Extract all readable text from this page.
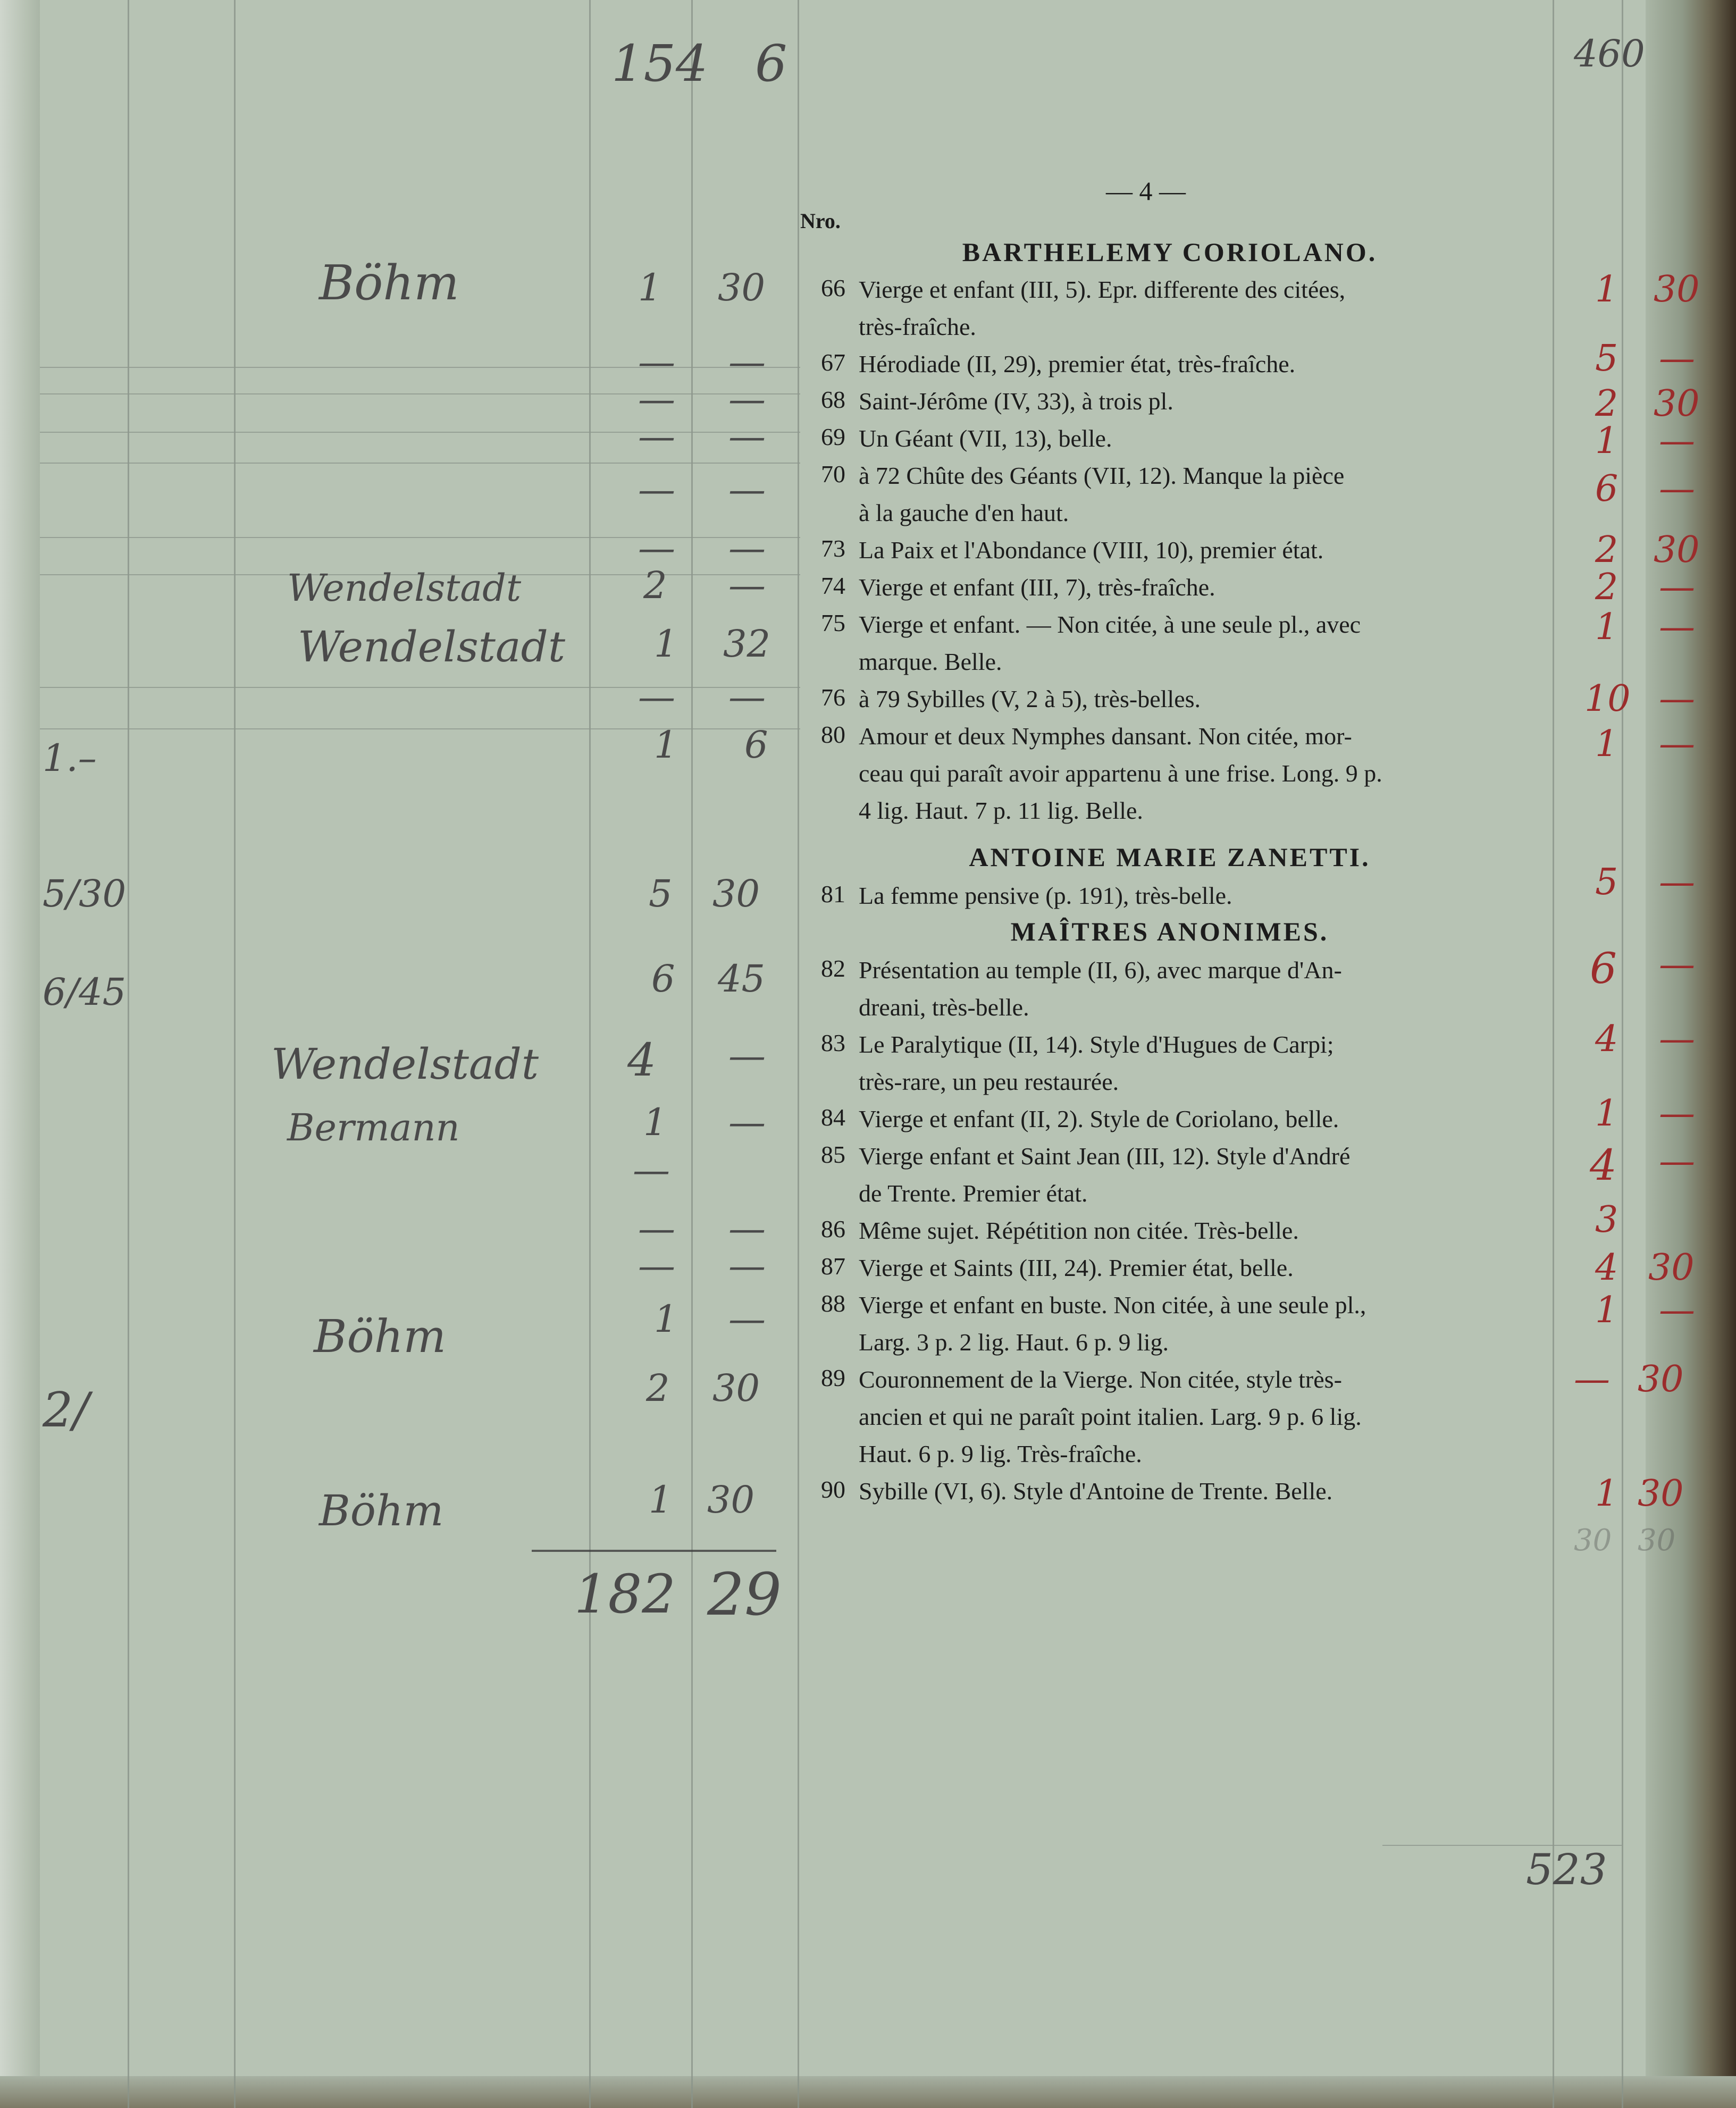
154 6	460
— 4 —
Nro.
BARTHELEMY CORIOLANO.
ANTOINE MARIE ZANETTI.
MAÎTRES ANONIMES.
66 Vierge et enfant (III, 5). Epr. differente des citées,
très-fraîche.
67 Hérodiade (II, 29), premier état, très-fraîche.
68 Saint-Jérôme (IV, 33), à trois pl.
69 Un Géant (VII, 13), belle.
70 à 72 Chûte des Géants (VII, 12). Manque la pièce
à la gauche d'en haut.
73 La Paix et l'Abondance (VIII, 10), premier état.
74 Vierge et enfant (III, 7), très-fraîche.
75 Vierge et enfant. — Non citée, à une seule pl., avec
marque. Belle.
76 à 79 Sybilles (V, 2 à 5), très-belles.
80 Amour et deux Nymphes dansant. Non citée, mor-
ceau qui paraît avoir appartenu à une frise. Long. 9 p.
4 lig. Haut. 7 p. 11 lig. Belle.
81 La femme pensive (p. 191), très-belle.
82 Présentation au temple (II, 6), avec marque d'An-
dreani, très-belle.
83 Le Paralytique (II, 14). Style d'Hugues de Carpi;
très-rare, un peu restaurée.
84 Vierge et enfant (II, 2). Style de Coriolano, belle.
85 Vierge enfant et Saint Jean (III, 12). Style d'André
de Trente. Premier état.
86 Même sujet. Répétition non citée. Très-belle.
87 Vierge et Saints (III, 24). Premier état, belle.
88 Vierge et enfant en buste. Non citée, à une seule pl.,
Larg. 3 p. 2 lig. Haut. 6 p. 9 lig.
89 Couronnement de la Vierge. Non citée, style très-
ancien et qui ne paraît point italien. Larg. 9 p. 6 lig.
Haut. 6 p. 9 lig. Très-fraîche.
90 Sybille (VI, 6). Style d'Antoine de Trente. Belle.
Böhm
Wendelstadt
Wendelstadt
Wendelstadt
Bermann
Böhm
Böhm
1.–
5/30
6/45
2/
1 30
— —
— —
— —
— —
— —
2 —
1 32
— —
1 6
5 30
6 45
4 —
1 —
—
— —
— —
1 —
2 30
1 30
1 30
5 —
2 30
1 —
6 —
2 30
2 —
1 —
10 —
1 —
5 —
6 —
4 —
1 —
4 —
3
4 30
1 —
— 30
1 30
182 29
30 30
523
